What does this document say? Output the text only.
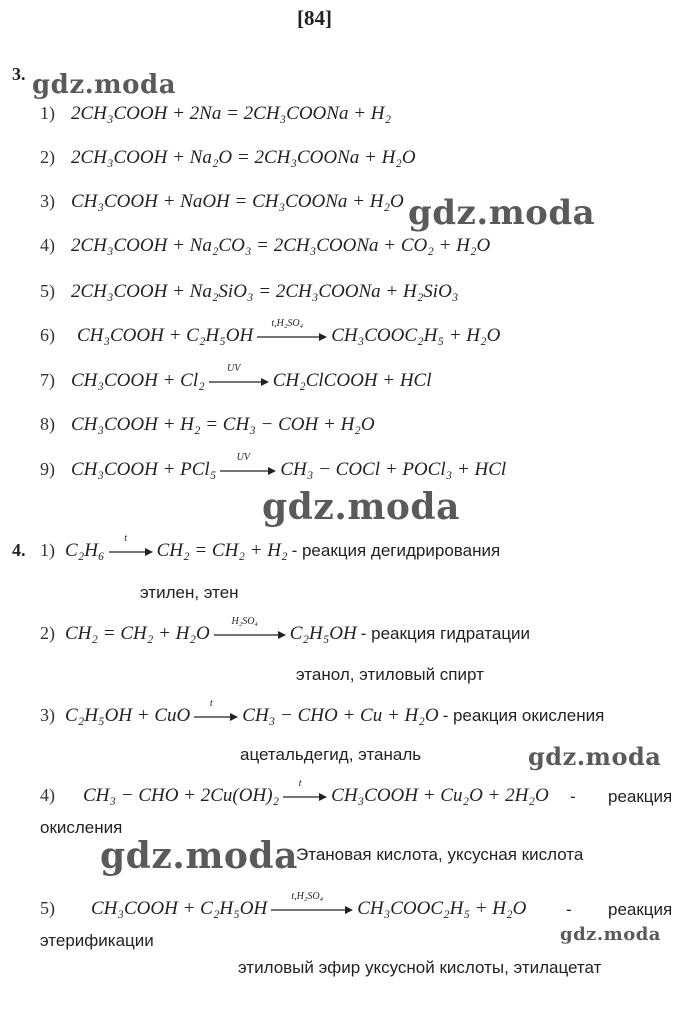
[84]
gdz.moda
gdz.moda
gdz.moda
gdz.moda
gdz.moda
gdz.moda
3.
1) 2CH₃COOH + 2Na = 2CH₃COONa + H₂
2) 2CH₃COOH + Na₂O = 2CH₃COONa + H₂O
3) CH₃COOH + NaOH = CH₃COONa + H₂O
4) 2CH₃COOH + Na₂CO₃ = 2CH₃COONa + CO₂ + H₂O
5) 2CH₃COOH + Na₂SiO₃ = 2CH₃COONa + H₂SiO₃
6) CH₃COOH + C₂H₅OH
t,H₂SO₄
CH₃COOC₂H₅ + H₂O
7) CH₃COOH + Cl₂
UV
CH₂ClCOOH + HCl
8) CH₃COOH + H₂ = CH₃ − COH + H₂O
9) CH₃COOH + PCl₅
UV
CH₃ − COCl + POCl₃ + HCl
4. 1) C₂H₆
t
CH₂ = CH₂ + H₂ - реакция дегидрирования
этилен, этен
2) CH₂ = CH₂ + H₂O
H₂SO₄
C₂H₅OH - реакция гидратации
этанол, этиловый спирт
3) C₂H₅OH + CuO
t
CH₃ − CHO + Cu + H₂O - реакция окисления
ацетальдегид, этаналь
4) CH₃ − CHO + 2Cu(OH)₂
t
CH₃COOH + Cu₂O + 2H₂O - реакция
окисления
Этановая кислота, уксусная кислота
5) CH₃COOH + C₂H₅OH
t,H₂SO₄
CH₃COOC₂H₅ + H₂O - реакция
этерификации
этиловый эфир уксусной кислоты, этилацетат
